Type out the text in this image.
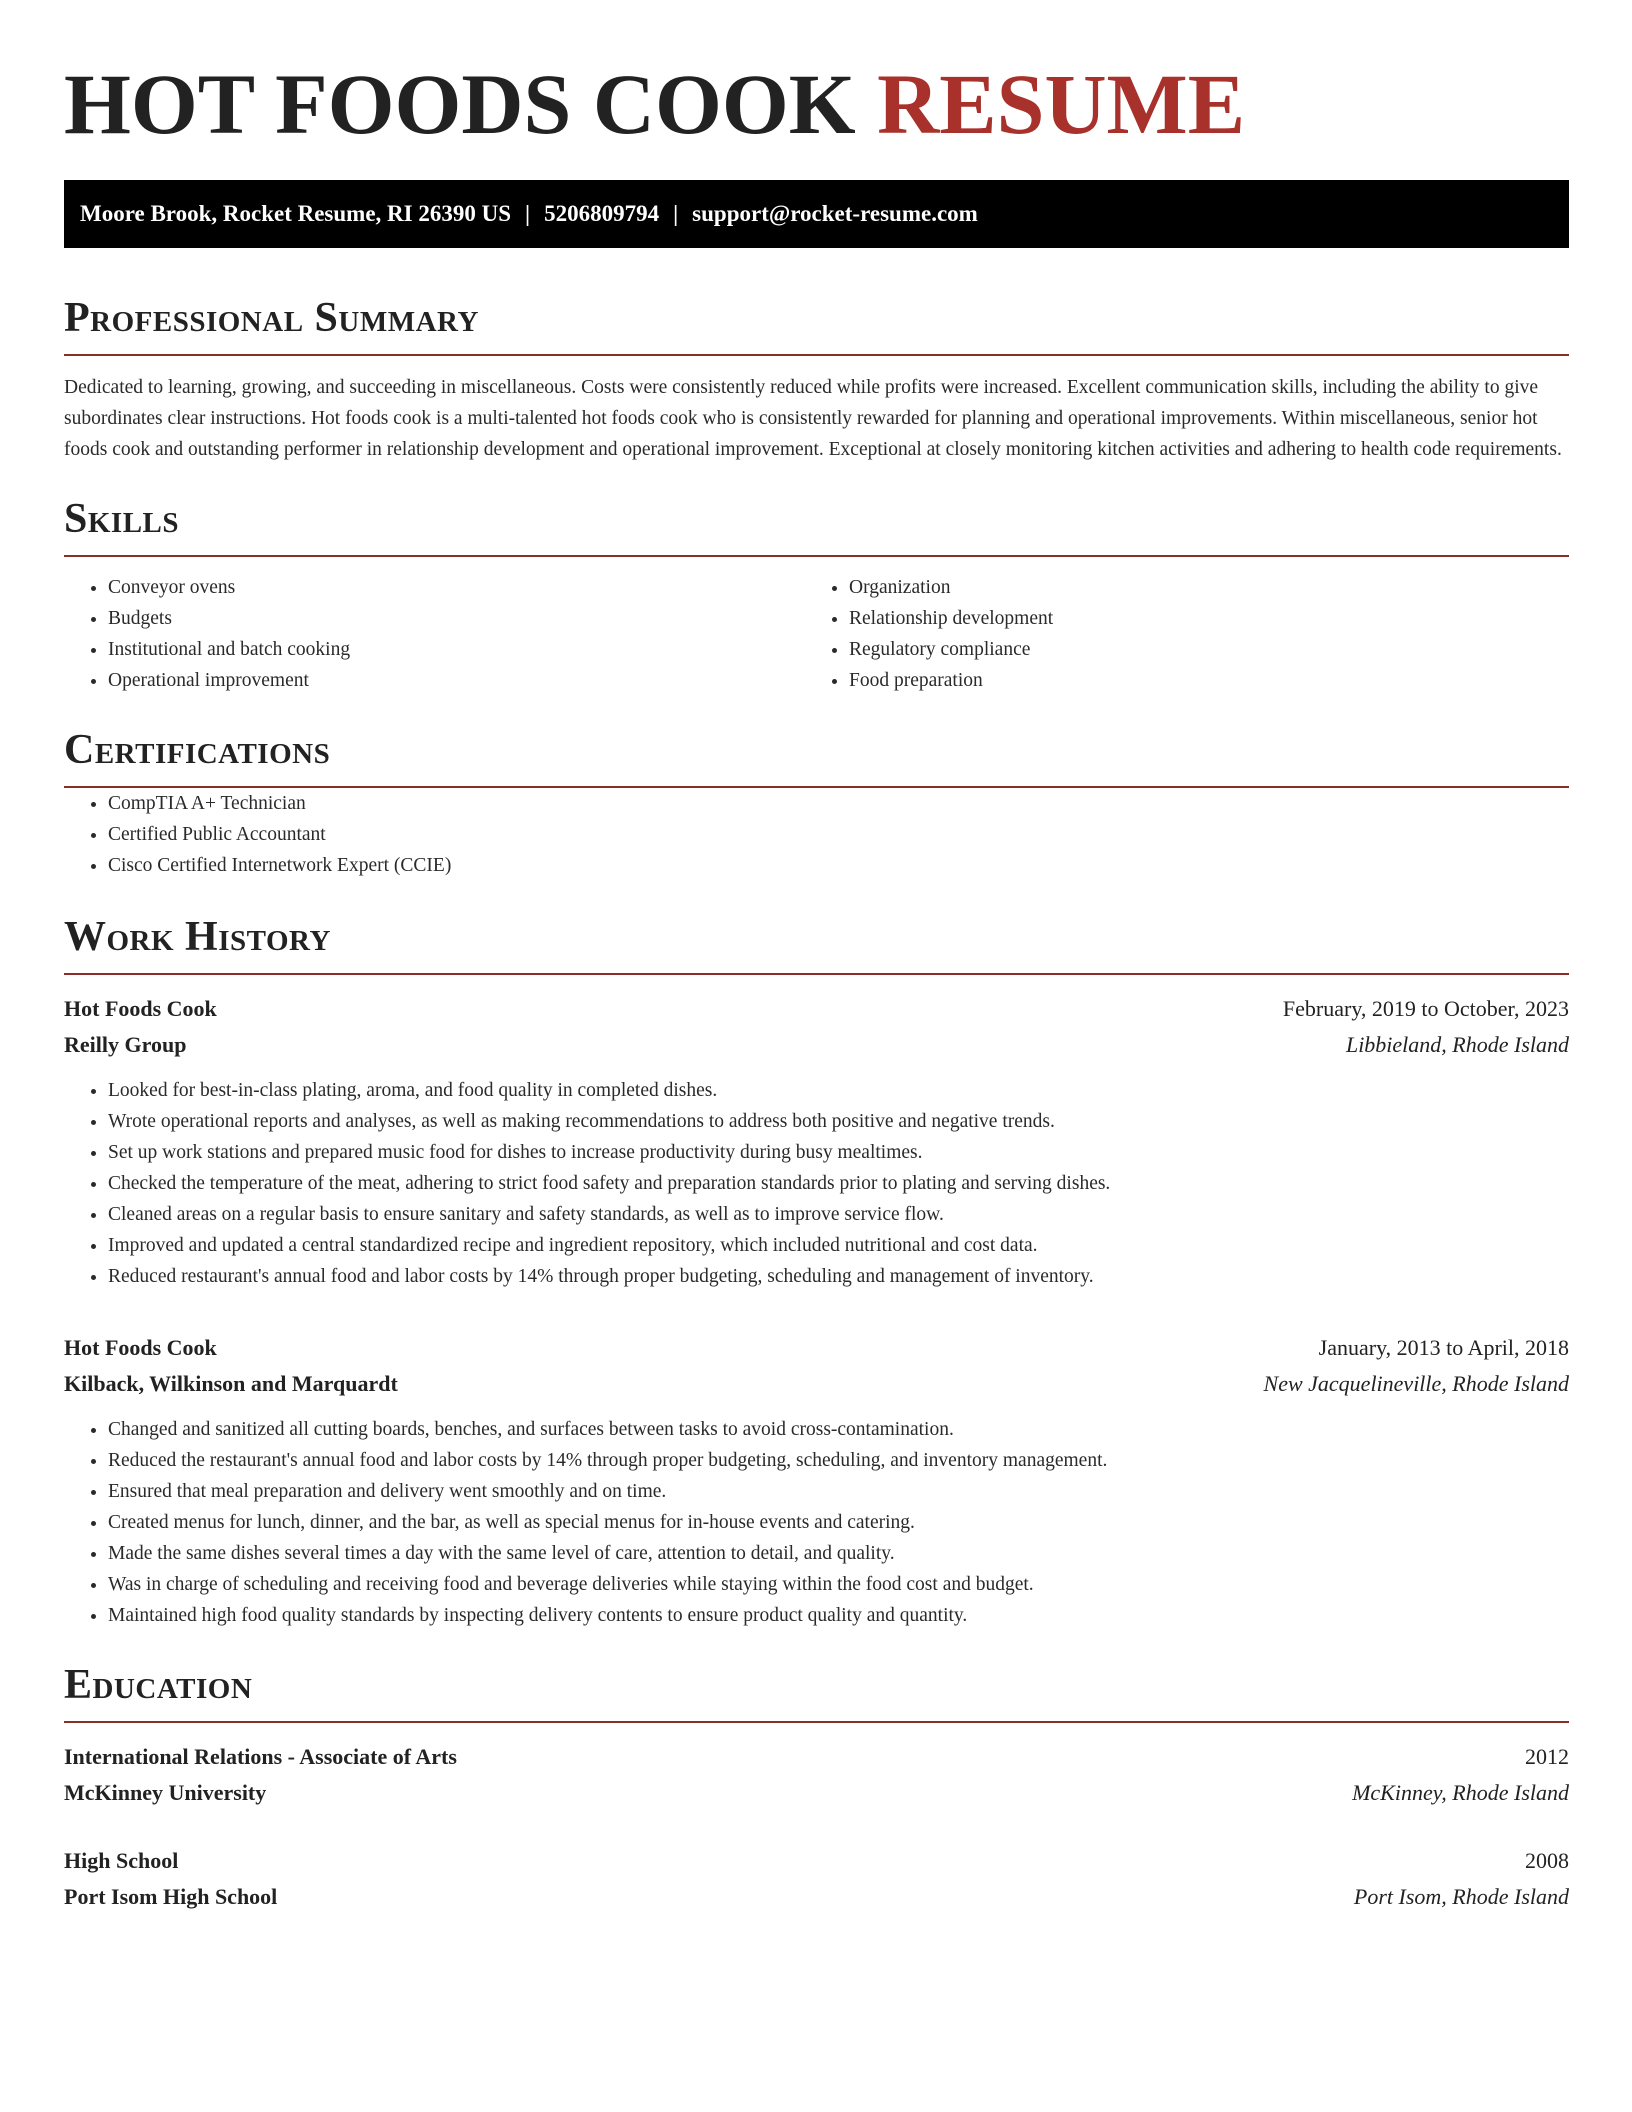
HOT FOODS COOK RESUME
Moore Brook, Rocket Resume, RI 26390 US | 5206809794 | support@rocket-resume.com
Professional Summary

Dedicated to learning, growing, and succeeding in miscellaneous. Costs were consistently reduced while profits were increased. Excellent communication skills, including the ability to give subordinates clear instructions. Hot foods cook is a multi-talented hot foods cook who is consistently rewarded for planning and operational improvements. Within miscellaneous, senior hot foods cook and outstanding performer in relationship development and operational improvement. Exceptional at closely monitoring kitchen activities and adhering to health code requirements.

Skills
• Conveyor ovens
• Budgets
• Institutional and batch cooking
• Operational improvement
• Organization
• Relationship development
• Regulatory compliance
• Food preparation
Certifications
• CompTIA A+ Technician
• Certified Public Accountant
• Cisco Certified Internetwork Expert (CCIE)
Work History
Hot Foods Cook	February, 2019 to October, 2023
Reilly Group	Libbieland, Rhode Island
• Looked for best-in-class plating, aroma, and food quality in completed dishes.
• Wrote operational reports and analyses, as well as making recommendations to address both positive and negative trends.
• Set up work stations and prepared music food for dishes to increase productivity during busy mealtimes.
• Checked the temperature of the meat, adhering to strict food safety and preparation standards prior to plating and serving dishes.
• Cleaned areas on a regular basis to ensure sanitary and safety standards, as well as to improve service flow.
• Improved and updated a central standardized recipe and ingredient repository, which included nutritional and cost data.
• Reduced restaurant's annual food and labor costs by 14% through proper budgeting, scheduling and management of inventory.
Hot Foods Cook	January, 2013 to April, 2018
Kilback, Wilkinson and Marquardt	New Jacquelineville, Rhode Island
• Changed and sanitized all cutting boards, benches, and surfaces between tasks to avoid cross-contamination.
• Reduced the restaurant's annual food and labor costs by 14% through proper budgeting, scheduling, and inventory management.
• Ensured that meal preparation and delivery went smoothly and on time.
• Created menus for lunch, dinner, and the bar, as well as special menus for in-house events and catering.
• Made the same dishes several times a day with the same level of care, attention to detail, and quality.
• Was in charge of scheduling and receiving food and beverage deliveries while staying within the food cost and budget.
• Maintained high food quality standards by inspecting delivery contents to ensure product quality and quantity.
Education
International Relations - Associate of Arts	2012
McKinney University	McKinney, Rhode Island
High School	2008
Port Isom High School	Port Isom, Rhode Island
